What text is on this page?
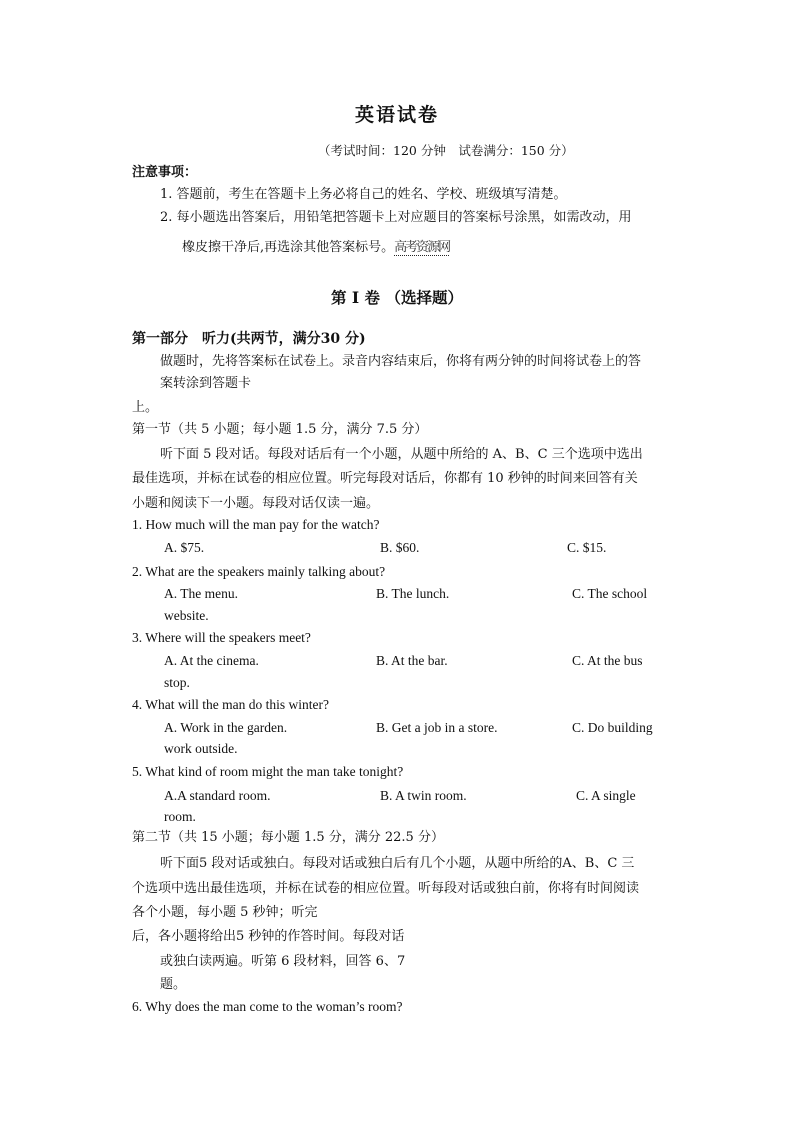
英语试卷
（考试时间：120 分钟　试卷满分：150 分）
注意事项：
1. 答题前，考生在答题卡上务必将自己的姓名、学校、班级填写清楚。
2. 每小题选出答案后，用铅笔把答题卡上对应题目的答案标号涂黑，如需改动，用
橡皮擦干净后,再选涂其他答案标号。高考资源网
第 I 卷 （选择题）
第一部分　听力(共两节，满分30 分)
做题时，先将答案标在试卷上。录音内容结束后，你将有两分钟的时间将试卷上的答
案转涂到答题卡
上。
第一节（共 5 小题；每小题 1.5 分，满分 7.5 分）
听下面 5 段对话。每段对话后有一个小题，从题中所给的 A、B、C 三个选项中选出
最佳选项，并标在试卷的相应位置。听完每段对话后，你都有 10 秒钟的时间来回答有关
小题和阅读下一小题。每段对话仅读一遍。
1. How much will the man pay for the watch?
A. $75.	B. $60.	C. $15.
2. What are the speakers mainly talking about?
A. The menu.	B. The lunch.	C. The school
website.
3. Where will the speakers meet?
A. At the cinema.	B. At the bar.	C. At the bus
stop.
4. What will the man do this winter?
A. Work in the garden.	B. Get a job in a store.	C. Do building
work outside.
5. What kind of room might the man take tonight?
A.A standard room.	B. A twin room.	C. A single
room.
第二节（共 15 小题；每小题 1.5 分，满分 22.5 分）
听下面5 段对话或独白。每段对话或独白后有几个小题，从题中所给的A、B、C 三
个选项中选出最佳选项，并标在试卷的相应位置。听每段对话或独白前，你将有时间阅读
各个小题，每小题 5 秒钟；听完
后，各小题将给出5 秒钟的作答时间。每段对话
或独白读两遍。听第 6 段材料，回答 6、7
题。
6. Why does the man come to the woman’s room?
